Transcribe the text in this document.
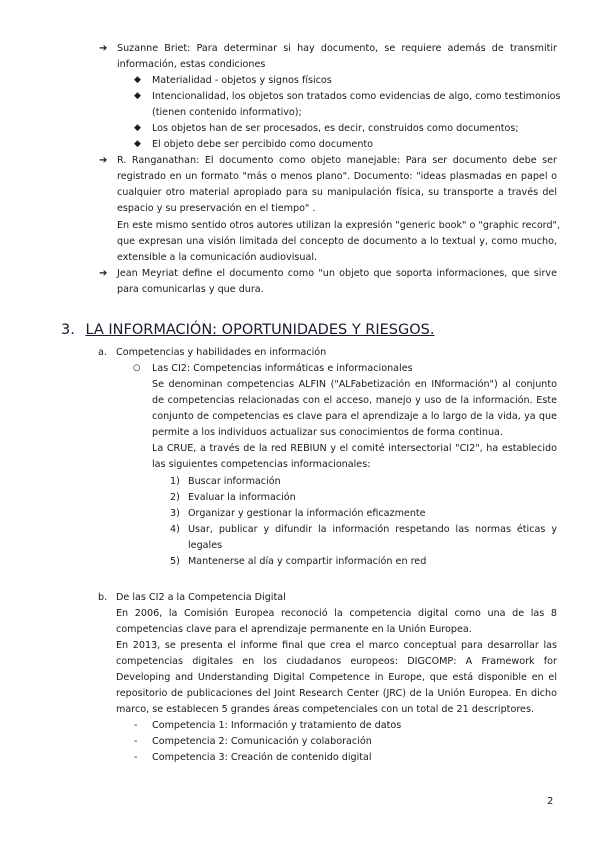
➔ Suzanne Briet: Para determinar si hay documento, se requiere además de transmitir
información, estas condiciones
◆ Materialidad - objetos y signos físicos
◆ Intencionalidad, los objetos son tratados como evidencias de algo, como testimonios
(tienen contenido informativo);
◆ Los objetos han de ser procesados, es decir, construidos como documentos;
◆ El objeto debe ser percibido como documento
➔ R. Ranganathan: El documento como objeto manejable: Para ser documento debe ser
registrado en un formato "más o menos plano". Documento: "ideas plasmadas en papel o
cualquier otro material apropiado para su manipulación física, su transporte a través del
espacio y su preservación en el tiempo" .
En este mismo sentido otros autores utilizan la expresión "generic book" o "graphic record",
que expresan una visión limitada del concepto de documento a lo textual y, como mucho,
extensible a la comunicación audiovisual.
➔ Jean Meyriat define el documento como "un objeto que soporta informaciones, que sirve
para comunicarlas y que dura.
3. LA INFORMACIÓN: OPORTUNIDADES Y RIESGOS.
a. Competencias y habilidades en información
○ Las CI2: Competencias informáticas e informacionales
Se denominan competencias ALFIN ("ALFabetización en INformación") al conjunto
de competencias relacionadas con el acceso, manejo y uso de la información. Este
conjunto de competencias es clave para el aprendizaje a lo largo de la vida, ya que
permite a los individuos actualizar sus conocimientos de forma continua.
La CRUE, a través de la red REBIUN y el comité intersectorial "CI2", ha establecido
las siguientes competencias informacionales:
1) Buscar información
2) Evaluar la información
3) Organizar y gestionar la información eficazmente
4) Usar, publicar y difundir la información respetando las normas éticas y
legales
5) Mantenerse al día y compartir información en red
b. De las CI2 a la Competencia Digital
En 2006, la Comisión Europea reconoció la competencia digital como una de las 8
competencias clave para el aprendizaje permanente en la Unión Europea.
En 2013, se presenta el informe final que crea el marco conceptual para desarrollar las
competencias digitales en los ciudadanos europeos: DIGCOMP: A Framework for
Developing and Understanding Digital Competence in Europe, que está disponible en el
repositorio de publicaciones del Joint Research Center (JRC) de la Unión Europea. En dicho
marco, se establecen 5 grandes áreas competenciales con un total de 21 descriptores.
- Competencia 1: Información y tratamiento de datos
- Competencia 2: Comunicación y colaboración
- Competencia 3: Creación de contenido digital
2
